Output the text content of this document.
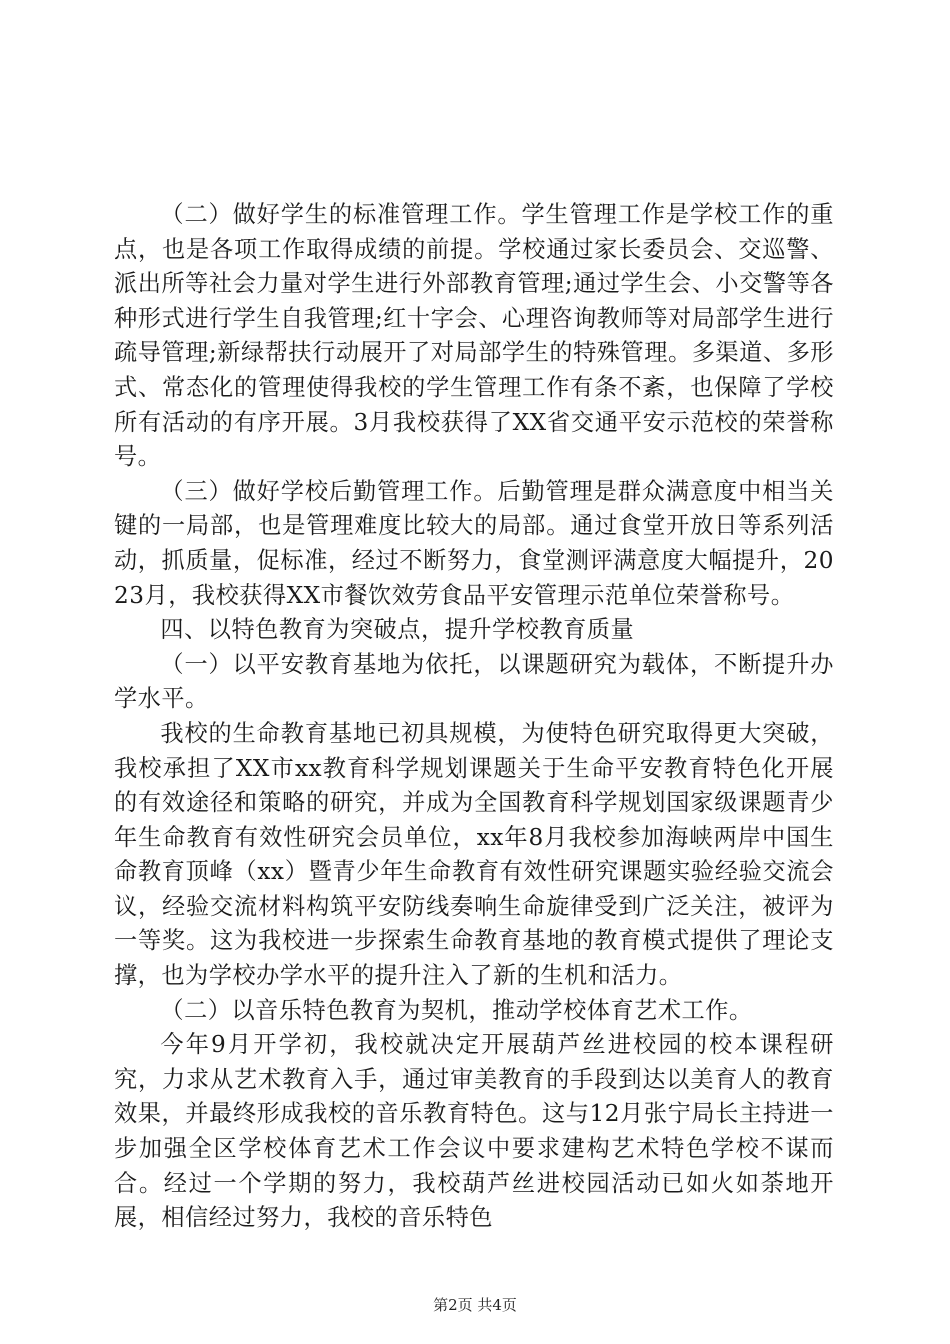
（二）做好学生的标准管理工作。学生管理工作是学校工作的重点，也是各项工作取得成绩的前提。学校通过家长委员会、交巡警、派出所等社会力量对学生进行外部教育管理;通过学生会、小交警等各种形式进行学生自我管理;红十字会、心理咨询教师等对局部学生进行疏导管理;新绿帮扶行动展开了对局部学生的特殊管理。多渠道、多形式、常态化的管理使得我校的学生管理工作有条不紊，也保障了学校所有活动的有序开展。3月我校获得了XX省交通平安示范校的荣誉称号。

（三）做好学校后勤管理工作。后勤管理是群众满意度中相当关键的一局部，也是管理难度比较大的局部。通过食堂开放日等系列活动，抓质量，促标准，经过不断努力，食堂测评满意度大幅提升，2023月，我校获得XX市餐饮效劳食品平安管理示范单位荣誉称号。

四、以特色教育为突破点，提升学校教育质量

（一）以平安教育基地为依托，以课题研究为载体，不断提升办学水平。

我校的生命教育基地已初具规模，为使特色研究取得更大突破，我校承担了XX市xx教育科学规划课题关于生命平安教育特色化开展的有效途径和策略的研究，并成为全国教育科学规划国家级课题青少年生命教育有效性研究会员单位，xx年8月我校参加海峡两岸中国生命教育顶峰（xx）暨青少年生命教育有效性研究课题实验经验交流会议，经验交流材料构筑平安防线奏响生命旋律受到广泛关注，被评为一等奖。这为我校进一步探索生命教育基地的教育模式提供了理论支撑，也为学校办学水平的提升注入了新的生机和活力。

（二）以音乐特色教育为契机，推动学校体育艺术工作。

今年9月开学初，我校就决定开展葫芦丝进校园的校本课程研究，力求从艺术教育入手，通过审美教育的手段到达以美育人的教育效果，并最终形成我校的音乐教育特色。这与12月张宁局长主持进一步加强全区学校体育艺术工作会议中要求建构艺术特色学校不谋而合。经过一个学期的努力，我校葫芦丝进校园活动已如火如荼地开展，相信经过努力，我校的音乐特色

第2页 共4页
